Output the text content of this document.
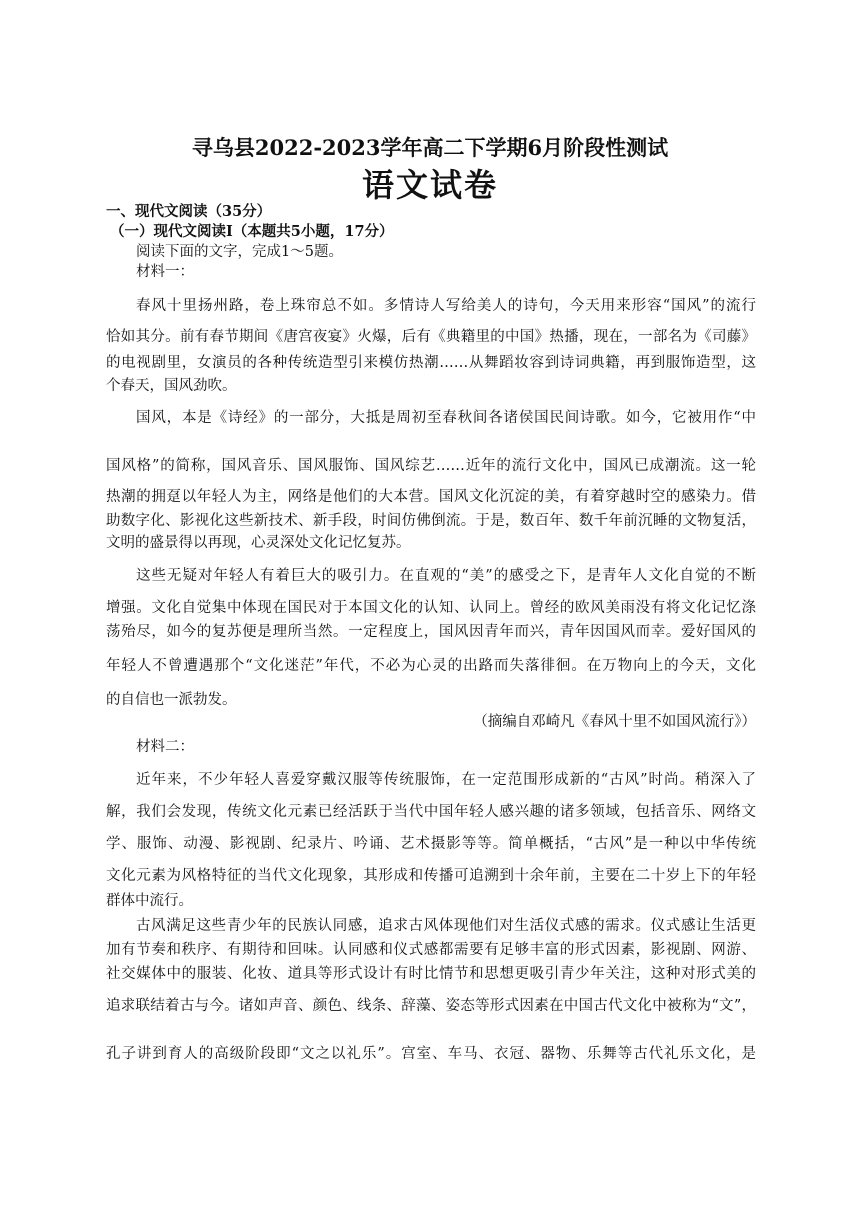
寻乌县2022-2023学年高二下学期6月阶段性测试
语文试卷
一、现代文阅读（35分）
（一）现代文阅读Ⅰ（本题共5小题，17分）
阅读下面的文字，完成1～5题。
材料一：
春风十里扬州路，卷上珠帘总不如。多情诗人写给美人的诗句，今天用来形容“国风”的流行
恰如其分。前有春节期间《唐宫夜宴》火爆，后有《典籍里的中国》热播，现在，一部名为《司藤》
的电视剧里，女演员的各种传统造型引来模仿热潮……从舞蹈妆容到诗词典籍，再到服饰造型，这
个春天，国风劲吹。
国风，本是《诗经》的一部分，大抵是周初至春秋间各诸侯国民间诗歌。如今，它被用作“中
国风格”的简称，国风音乐、国风服饰、国风综艺……近年的流行文化中，国风已成潮流。这一轮
热潮的拥趸以年轻人为主，网络是他们的大本营。国风文化沉淀的美，有着穿越时空的感染力。借
助数字化、影视化这些新技术、新手段，时间仿佛倒流。于是，数百年、数千年前沉睡的文物复活，
文明的盛景得以再现，心灵深处文化记忆复苏。
这些无疑对年轻人有着巨大的吸引力。在直观的“美”的感受之下，是青年人文化自觉的不断
增强。文化自觉集中体现在国民对于本国文化的认知、认同上。曾经的欧风美雨没有将文化记忆涤
荡殆尽，如今的复苏便是理所当然。一定程度上，国风因青年而兴，青年因国风而幸。爱好国风的
年轻人不曾遭遇那个“文化迷茫”年代，不必为心灵的出路而失落徘徊。在万物向上的今天，文化
的自信也一派勃发。
（摘编自邓崎凡《春风十里不如国风流行》）
材料二：
近年来，不少年轻人喜爱穿戴汉服等传统服饰，在一定范围形成新的“古风”时尚。稍深入了
解，我们会发现，传统文化元素已经活跃于当代中国年轻人感兴趣的诸多领域，包括音乐、网络文
学、服饰、动漫、影视剧、纪录片、吟诵、艺术摄影等等。简单概括，“古风”是一种以中华传统
文化元素为风格特征的当代文化现象，其形成和传播可追溯到十余年前，主要在二十岁上下的年轻
群体中流行。
古风满足这些青少年的民族认同感，追求古风体现他们对生活仪式感的需求。仪式感让生活更
加有节奏和秩序、有期待和回味。认同感和仪式感都需要有足够丰富的形式因素，影视剧、网游、
社交媒体中的服装、化妆、道具等形式设计有时比情节和思想更吸引青少年关注，这种对形式美的
追求联结着古与今。诸如声音、颜色、线条、辞藻、姿态等形式因素在中国古代文化中被称为“文”，
孔子讲到育人的高级阶段即“文之以礼乐”。宫室、车马、衣冠、器物、乐舞等古代礼乐文化，是
